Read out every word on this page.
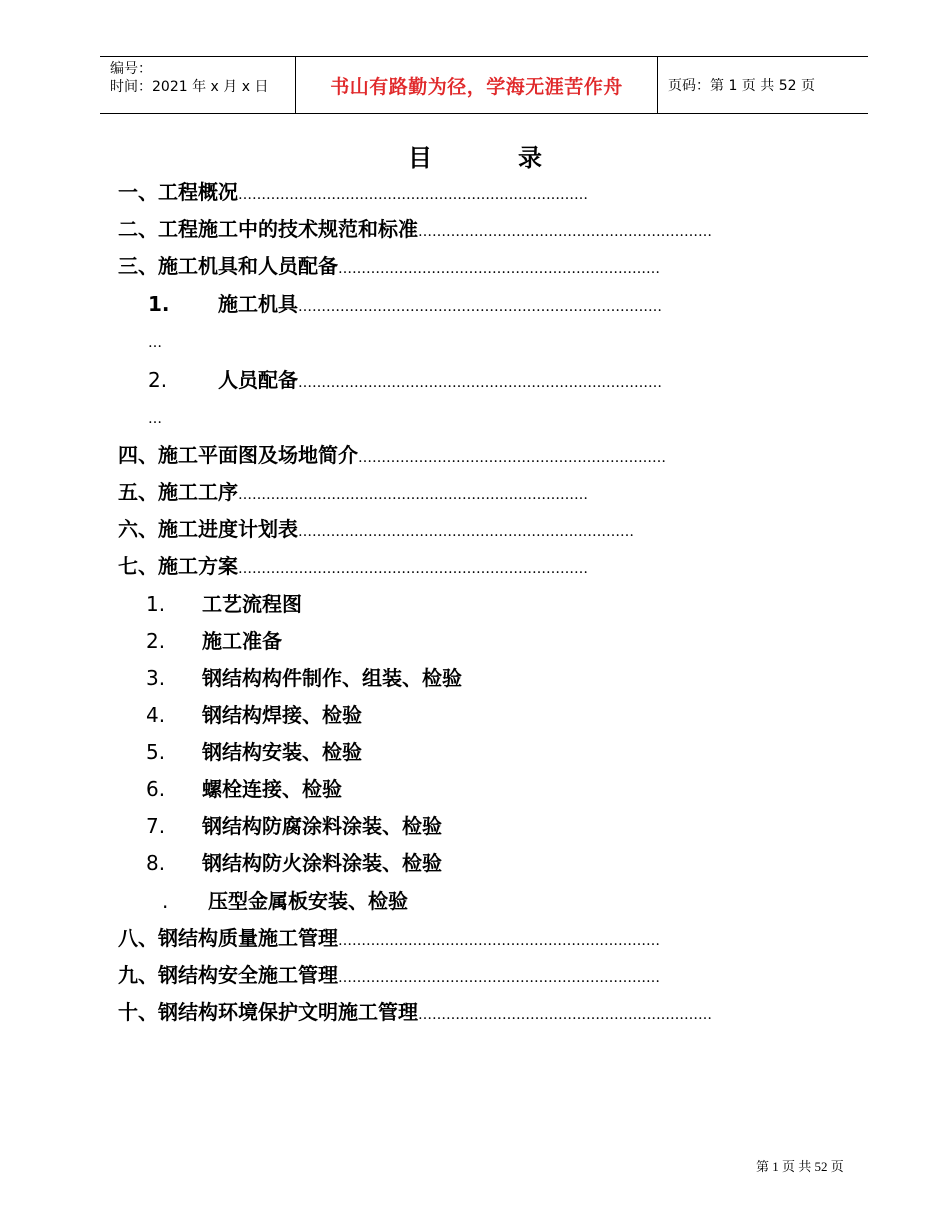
编号：
时间：2021 年 x 月 x 日	书山有路勤为径，学海无涯苦作舟	页码：第 1 页 共 52 页
目	录
一、工程概况…………………………………………………………………
二、工程施工中的技术规范和标准………………………………………………………
三、施工机具和人员配备……………………………………………………………
1. 施工机具……………………………………………………………………
…
2.	人员配备……………………………………………………………………
…
四、施工平面图及场地简介…………………………………………………………
五、施工工序…………………………………………………………………
六、施工进度计划表………………………………………………………………
七、施工方案…………………………………………………………………
1. 工艺流程图
2. 施工准备
3. 钢结构构件制作、组装、检验
4. 钢结构焊接、检验
5. 钢结构安装、检验
6. 螺栓连接、检验
7. 钢结构防腐涂料涂装、检验
8. 钢结构防火涂料涂装、检验
. 压型金属板安装、检验
八、钢结构质量施工管理……………………………………………………………
九、钢结构安全施工管理……………………………………………………………
十、钢结构环境保护文明施工管理………………………………………………………
第 1 页 共 52 页
